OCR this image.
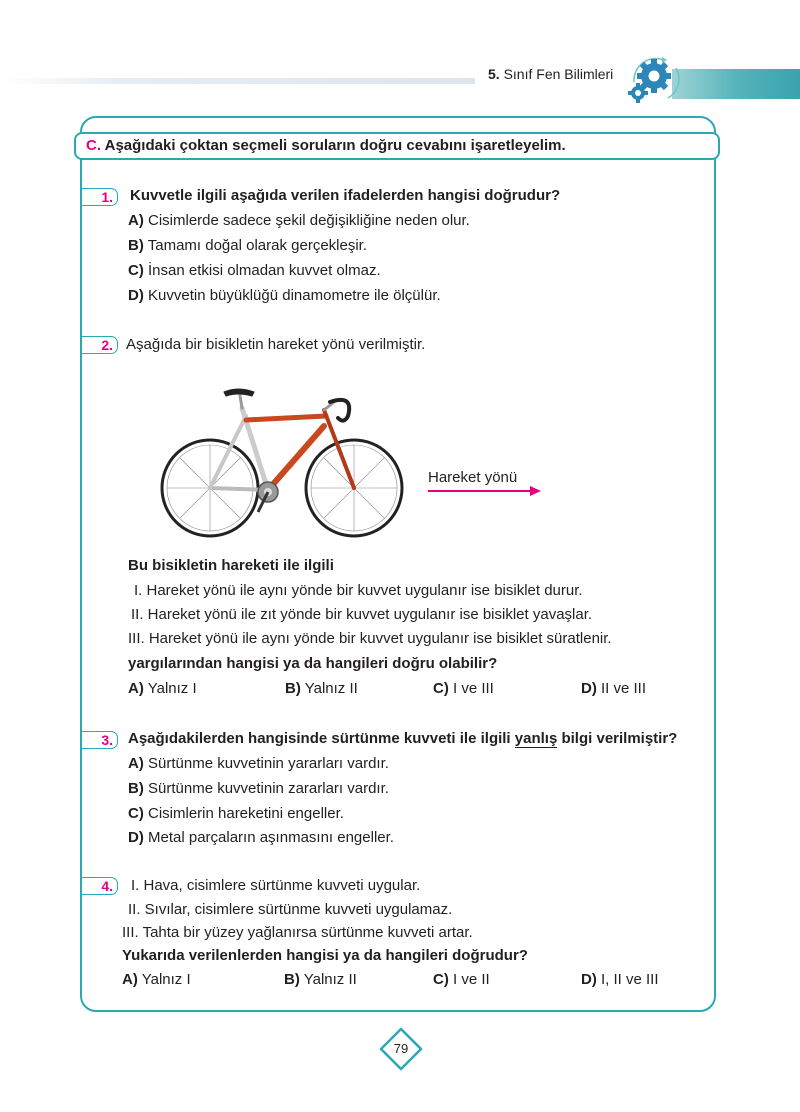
5. Sınıf Fen Bilimleri
C. Aşağıdaki çoktan seçmeli soruların doğru cevabını işaretleyelim.
1.	Kuvvetle ilgili aşağıda verilen ifadelerden hangisi doğrudur?
A) Cisimlerde sadece şekil değişikliğine neden olur.
B) Tamamı doğal olarak gerçekleşir.
C) İnsan etkisi olmadan kuvvet olmaz.
D) Kuvvetin büyüklüğü dinamometre ile ölçülür.
2. Aşağıda bir bisikletin hareket yönü verilmiştir.
Hareket yönü
Bu bisikletin hareketi ile ilgili
I. Hareket yönü ile aynı yönde bir kuvvet uygulanır ise bisiklet durur.
II. Hareket yönü ile zıt yönde bir kuvvet uygulanır ise bisiklet yavaşlar.
III. Hareket yönü ile aynı yönde bir kuvvet uygulanır ise bisiklet süratlenir.
yargılarından hangisi ya da hangileri doğru olabilir?
A) Yalnız I	B) Yalnız II	C) I ve III	D) II ve III
3.	Aşağıdakilerden hangisinde sürtünme kuvveti ile ilgili yanlış bilgi verilmiştir?
A) Sürtünme kuvvetinin yararları vardır.
B) Sürtünme kuvvetinin zararları vardır.
C) Cisimlerin hareketini engeller.
D) Metal parçaların aşınmasını engeller.
4.	I. Hava, cisimlere sürtünme kuvveti uygular.
II. Sıvılar, cisimlere sürtünme kuvveti uygulamaz.
III. Tahta bir yüzey yağlanırsa sürtünme kuvveti artar.
Yukarıda verilenlerden hangisi ya da hangileri doğrudur?
A) Yalnız I	B) Yalnız II	C) I ve II	D) I, II ve III
79
